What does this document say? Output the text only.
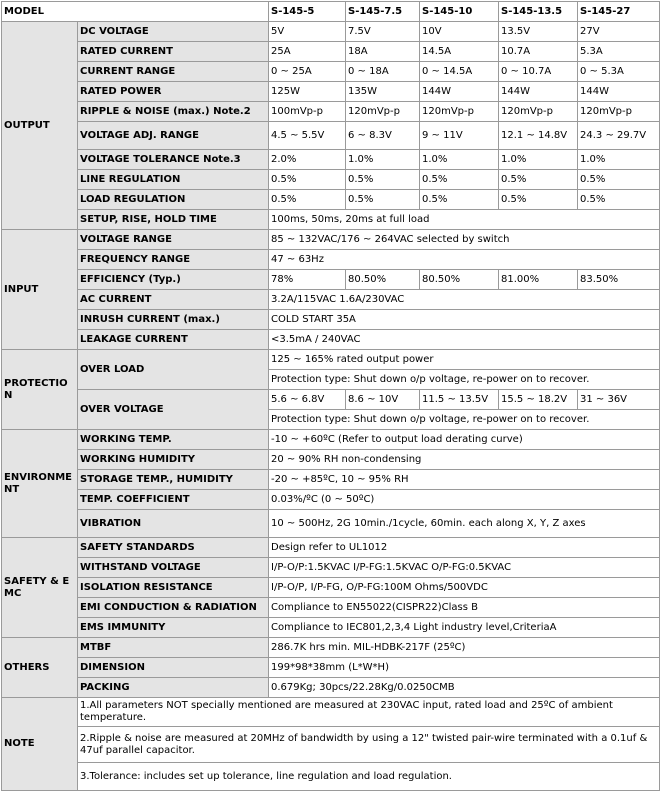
MODEL		S-145-5	S-145-7.5	S-145-10	S-145-13.5	S-145-27
OUTPUT	DC VOLTAGE	5V	7.5V	10V	13.5V	27V
	RATED CURRENT	25A	18A	14.5A	10.7A	5.3A
	CURRENT RANGE	0 ~ 25A	0 ~ 18A	0 ~ 14.5A	0 ~ 10.7A	0 ~ 5.3A
	RATED POWER	125W	135W	144W	144W	144W
	RIPPLE & NOISE (max.) Note.2	100mVp-p	120mVp-p	120mVp-p	120mVp-p	120mVp-p
	VOLTAGE ADJ. RANGE	4.5 ~ 5.5V	6 ~ 8.3V	9 ~ 11V	12.1 ~ 14.8V	24.3 ~ 29.7V
	VOLTAGE TOLERANCE Note.3	2.0%	1.0%	1.0%	1.0%	1.0%
	LINE REGULATION	0.5%	0.5%	0.5%	0.5%	0.5%
	LOAD REGULATION	0.5%	0.5%	0.5%	0.5%	0.5%
	SETUP, RISE, HOLD TIME	100ms, 50ms, 20ms at full load				
INPUT	VOLTAGE RANGE	85 ~ 132VAC/176 ~ 264VAC selected by switch				
	FREQUENCY RANGE	47 ~ 63Hz				
	EFFICIENCY (Typ.)	78%	80.50%	80.50%	81.00%	83.50%
	AC CURRENT	3.2A/115VAC 1.6A/230VAC				
	INRUSH CURRENT (max.)	COLD START 35A				
	LEAKAGE CURRENT	<3.5mA / 240VAC				
PROTECTION	OVER LOAD	125 ~ 165% rated output power				
		Protection type: Shut down o/p voltage, re-power on to recover.				
	OVER VOLTAGE	5.6 ~ 6.8V	8.6 ~ 10V	11.5 ~ 13.5V	15.5 ~ 18.2V	31 ~ 36V
		Protection type: Shut down o/p voltage, re-power on to recover.				
ENVIRONMENT	WORKING TEMP.	-10 ~ +60ºC (Refer to output load derating curve)				
	WORKING HUMIDITY	20 ~ 90% RH non-condensing				
	STORAGE TEMP., HUMIDITY	-20 ~ +85ºC, 10 ~ 95% RH				
	TEMP. COEFFICIENT	0.03%/ºC (0 ~ 50ºC)				
	VIBRATION	10 ~ 500Hz, 2G 10min./1cycle, 60min. each along X, Y, Z axes				
SAFETY & EMC	SAFETY STANDARDS	Design refer to UL1012				
	WITHSTAND VOLTAGE	I/P-O/P:1.5KVAC I/P-FG:1.5KVAC O/P-FG:0.5KVAC				
	ISOLATION RESISTANCE	I/P-O/P, I/P-FG, O/P-FG:100M Ohms/500VDC				
	EMI CONDUCTION & RADIATION	Compliance to EN55022(CISPR22)Class B				
	EMS IMMUNITY	Compliance to IEC801,2,3,4 Light industry level,CriteriaA				
OTHERS	MTBF	286.7K hrs min. MIL-HDBK-217F (25ºC)				
	DIMENSION	199*98*38mm (L*W*H)				
	PACKING	0.679Kg; 30pcs/22.28Kg/0.0250CMB				
NOTE	1.All parameters NOT specially mentioned are measured at 230VAC input, rated load and 25ºC of ambient temperature.					
	2.Ripple & noise are measured at 20MHz of bandwidth by using a 12" twisted pair-wire terminated with a 0.1uf & 47uf parallel capacitor.					
	3.Tolerance: includes set up tolerance, line regulation and load regulation.					
